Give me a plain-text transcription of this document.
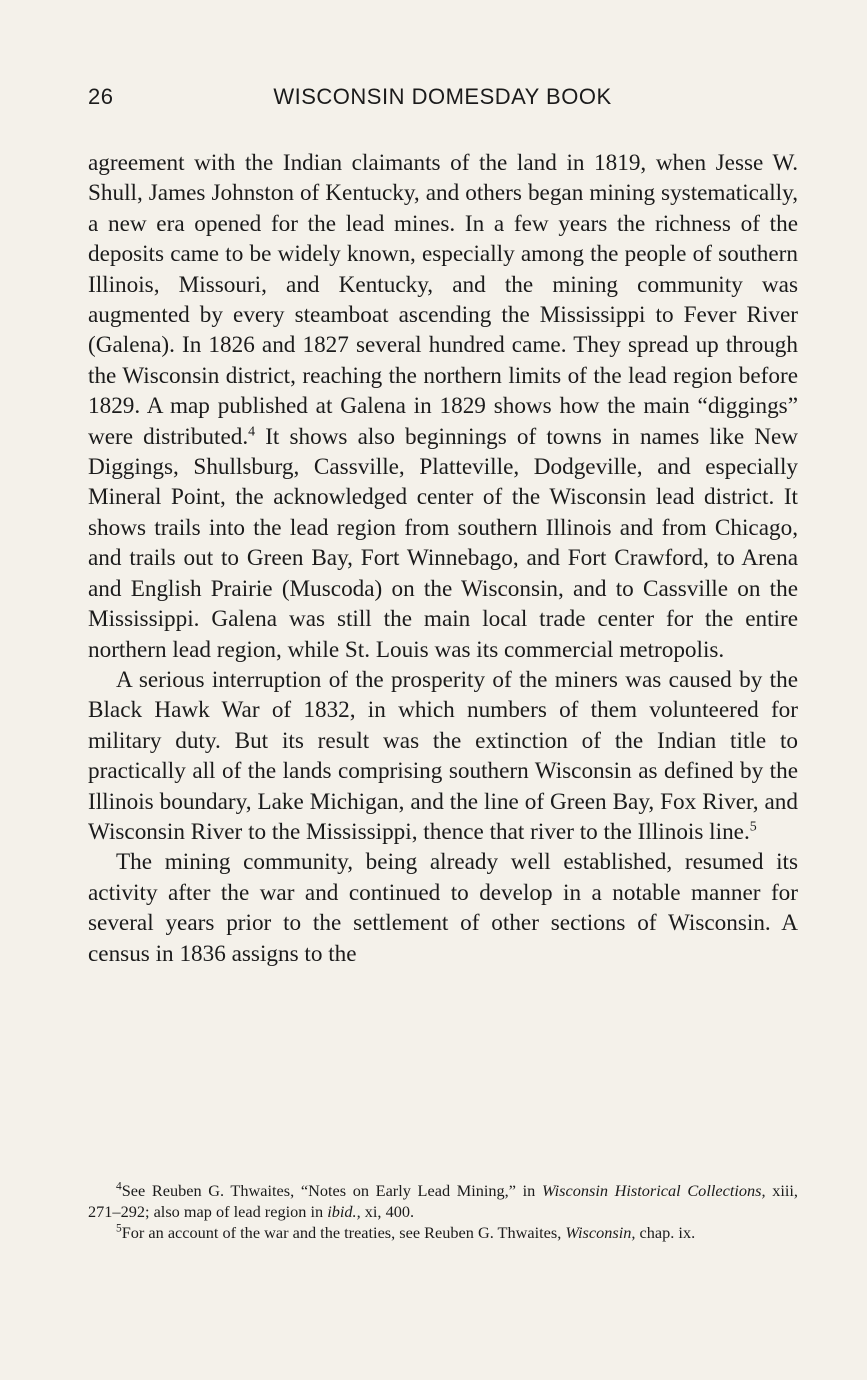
26	WISCONSIN DOMESDAY BOOK

agreement with the Indian claimants of the land in 1819, when Jesse W. Shull, James Johnston of Kentucky, and others began mining systematically, a new era opened for the lead mines. In a few years the richness of the deposits came to be widely known, especially among the people of southern Illinois, Missouri, and Kentucky, and the mining community was augmented by every steamboat ascending the Mississippi to Fever River (Galena). In 1826 and 1827 several hundred came. They spread up through the Wisconsin district, reaching the northern limits of the lead region before 1829. A map published at Galena in 1829 shows how the main “diggings” were distributed.$^4$ It shows also beginnings of towns in names like New Diggings, Shullsburg, Cassville, Platteville, Dodgeville, and especially Mineral Point, the acknowledged center of the Wisconsin lead district. It shows trails into the lead region from southern Illinois and from Chicago, and trails out to Green Bay, Fort Winnebago, and Fort Crawford, to Arena and English Prairie (Muscoda) on the Wisconsin, and to Cassville on the Mississippi. Galena was still the main local trade center for the entire northern lead region, while St. Louis was its commercial metropolis.

A serious interruption of the prosperity of the miners was caused by the Black Hawk War of 1832, in which numbers of them volunteered for military duty. But its result was the extinction of the Indian title to practically all of the lands comprising southern Wisconsin as defined by the Illinois boundary, Lake Michigan, and the line of Green Bay, Fox River, and Wisconsin River to the Mississippi, thence that river to the Illinois line.$^5$

The mining community, being already well established, resumed its activity after the war and continued to develop in a notable manner for several years prior to the settlement of other sections of Wisconsin. A census in 1836 assigns to the

$^4$See Reuben G. Thwaites, “Notes on Early Lead Mining,” in Wisconsin Historical Collections, xiii, 271–292; also map of lead region in ibid., xi, 400.

$^5$For an account of the war and the treaties, see Reuben G. Thwaites, Wisconsin, chap. ix.
